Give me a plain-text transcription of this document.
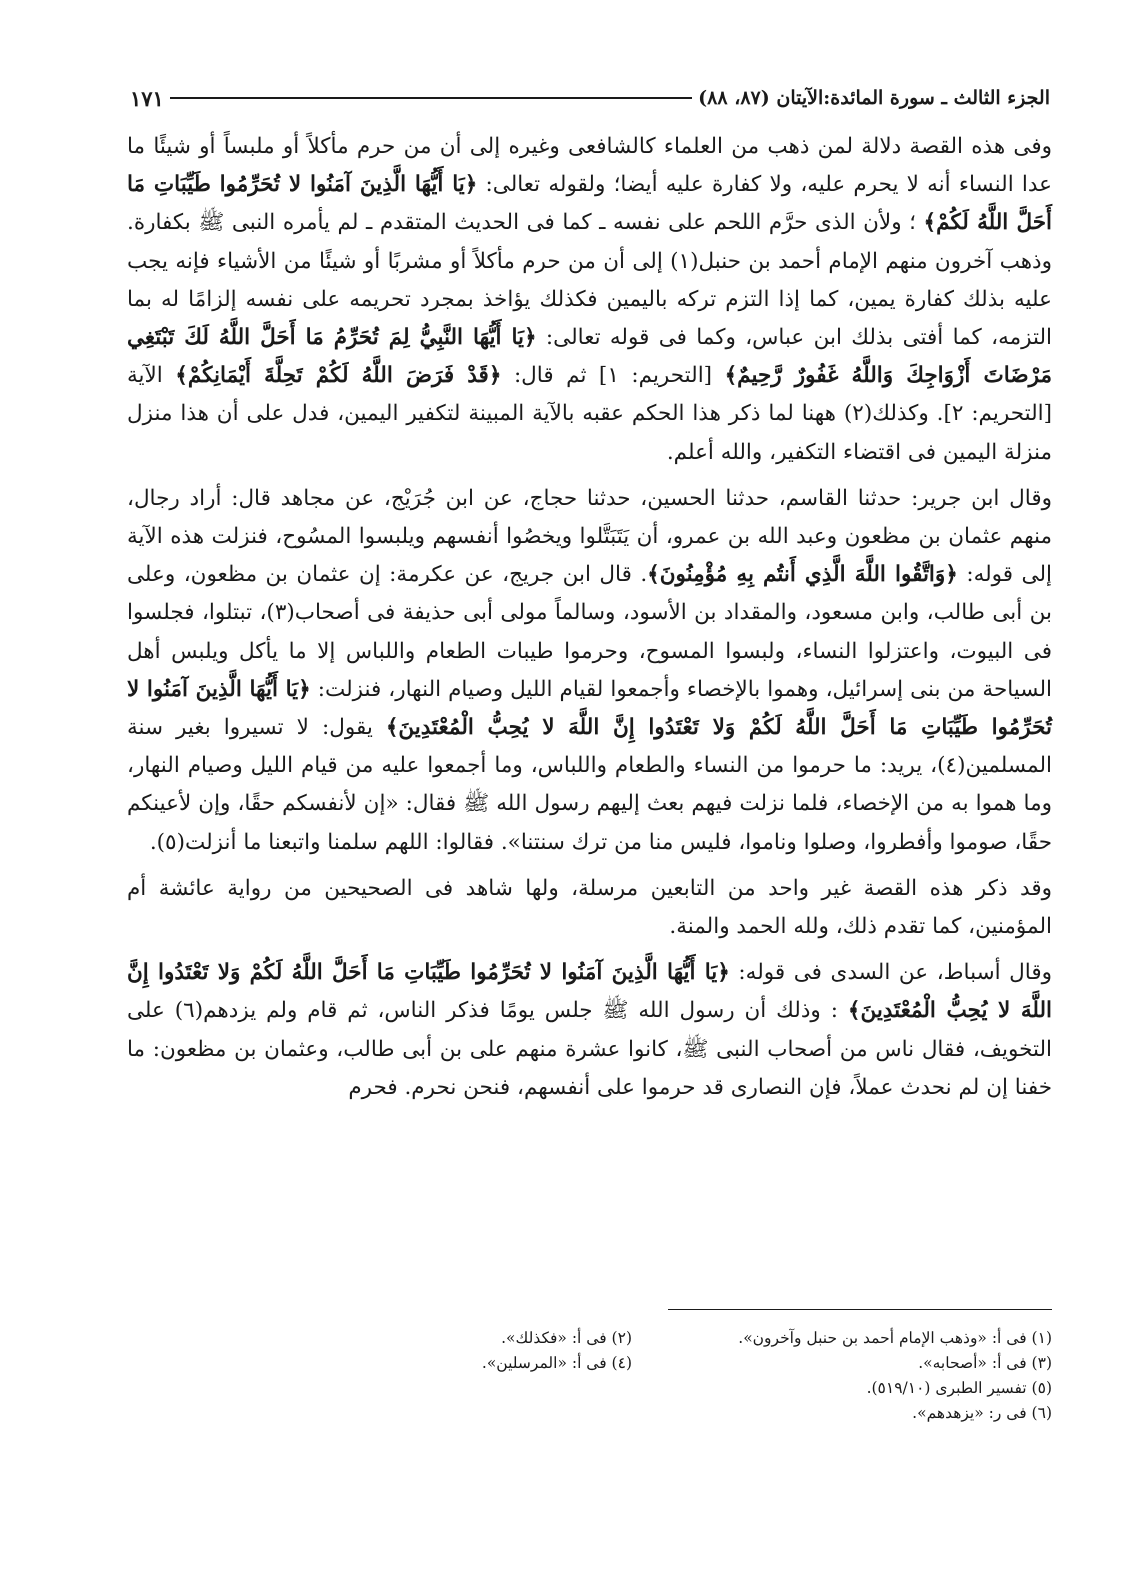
الجزء الثالث ـ سورة المائدة:الآيتان (٨٧، ٨٨)
١٧١

وفى هذه القصة دلالة لمن ذهب من العلماء كالشافعى وغيره إلى أن من حرم مأكلاً أو ملبساً أو شيئًا ما عدا النساء أنه لا يحرم عليه، ولا كفارة عليه أيضا؛ ولقوله تعالى: ﴿يَا أَيُّهَا الَّذِينَ آمَنُوا لا تُحَرِّمُوا طَيِّبَاتِ مَا أَحَلَّ اللَّهُ لَكُمْ﴾ ؛ ولأن الذى حرَّم اللحم على نفسه ـ كما فى الحديث المتقدم ـ لم يأمره النبى ﷺ بكفارة. وذهب آخرون منهم الإمام أحمد بن حنبل(١) إلى أن من حرم مأكلاً أو مشربًا أو شيئًا من الأشياء فإنه يجب عليه بذلك كفارة يمين، كما إذا التزم تركه باليمين فكذلك يؤاخذ بمجرد تحريمه على نفسه إلزامًا له بما التزمه، كما أفتى بذلك ابن عباس، وكما فى قوله تعالى: ﴿يَا أَيُّهَا النَّبِيُّ لِمَ تُحَرِّمُ مَا أَحَلَّ اللَّهُ لَكَ تَبْتَغِي مَرْضَاتَ أَزْوَاجِكَ وَاللَّهُ غَفُورٌ رَّحِيمٌ﴾ [التحريم: ١] ثم قال: ﴿قَدْ فَرَضَ اللَّهُ لَكُمْ تَحِلَّةَ أَيْمَانِكُمْ﴾ الآية [التحريم: ٢]. وكذلك(٢) ههنا لما ذكر هذا الحكم عقبه بالآية المبينة لتكفير اليمين، فدل على أن هذا منزل منزلة اليمين فى اقتضاء التكفير، والله أعلم.

وقال ابن جرير: حدثنا القاسم، حدثنا الحسين، حدثنا حجاج، عن ابن جُرَيْج، عن مجاهد قال: أراد رجال، منهم عثمان بن مظعون وعبد الله بن عمرو، أن يَتَبَتَّلوا ويخصُوا أنفسهم ويلبسوا المسُوح، فنزلت هذه الآية إلى قوله: ﴿وَاتَّقُوا اللَّهَ الَّذِي أَنتُم بِهِ مُؤْمِنُونَ﴾. قال ابن جريج، عن عكرمة: إن عثمان بن مظعون، وعلى بن أبى طالب، وابن مسعود، والمقداد بن الأسود، وسالماً مولى أبى حذيفة فى أصحاب(٣)، تبتلوا، فجلسوا فى البيوت، واعتزلوا النساء، ولبسوا المسوح، وحرموا طيبات الطعام واللباس إلا ما يأكل ويلبس أهل السياحة من بنى إسرائيل، وهموا بالإخصاء وأجمعوا لقيام الليل وصيام النهار، فنزلت: ﴿يَا أَيُّهَا الَّذِينَ آمَنُوا لا تُحَرِّمُوا طَيِّبَاتِ مَا أَحَلَّ اللَّهُ لَكُمْ وَلا تَعْتَدُوا إِنَّ اللَّهَ لا يُحِبُّ الْمُعْتَدِينَ﴾ يقول: لا تسيروا بغير سنة المسلمين(٤)، يريد: ما حرموا من النساء والطعام واللباس، وما أجمعوا عليه من قيام الليل وصيام النهار، وما هموا به من الإخصاء، فلما نزلت فيهم بعث إليهم رسول الله ﷺ فقال: «إن لأنفسكم حقًا، وإن لأعينكم حقًا، صوموا وأفطروا، وصلوا وناموا، فليس منا من ترك سنتنا». فقالوا: اللهم سلمنا واتبعنا ما أنزلت(٥).

وقد ذكر هذه القصة غير واحد من التابعين مرسلة، ولها شاهد فى الصحيحين من رواية عائشة أم المؤمنين، كما تقدم ذلك، ولله الحمد والمنة.

وقال أسباط، عن السدى فى قوله: ﴿يَا أَيُّهَا الَّذِينَ آمَنُوا لا تُحَرِّمُوا طَيِّبَاتِ مَا أَحَلَّ اللَّهُ لَكُمْ وَلا تَعْتَدُوا إِنَّ اللَّهَ لا يُحِبُّ الْمُعْتَدِينَ﴾ : وذلك أن رسول الله ﷺ جلس يومًا فذكر الناس، ثم قام ولم يزدهم(٦) على التخويف، فقال ناس من أصحاب النبى ﷺ، كانوا عشرة منهم على بن أبى طالب، وعثمان بن مظعون: ما خفنا إن لم نحدث عملاً، فإن النصارى قد حرموا على أنفسهم، فنحن نحرم. فحرم

(١) فى أ: «وذهب الإمام أحمد بن حنبل وآخرون».
(٢) فى أ: «فكذلك».
(٣) فى أ: «أصحابه».
(٤) فى أ: «المرسلين».
(٥) تفسير الطبرى (٥١٩/١٠).
(٦) فى ر: «يزهدهم».
